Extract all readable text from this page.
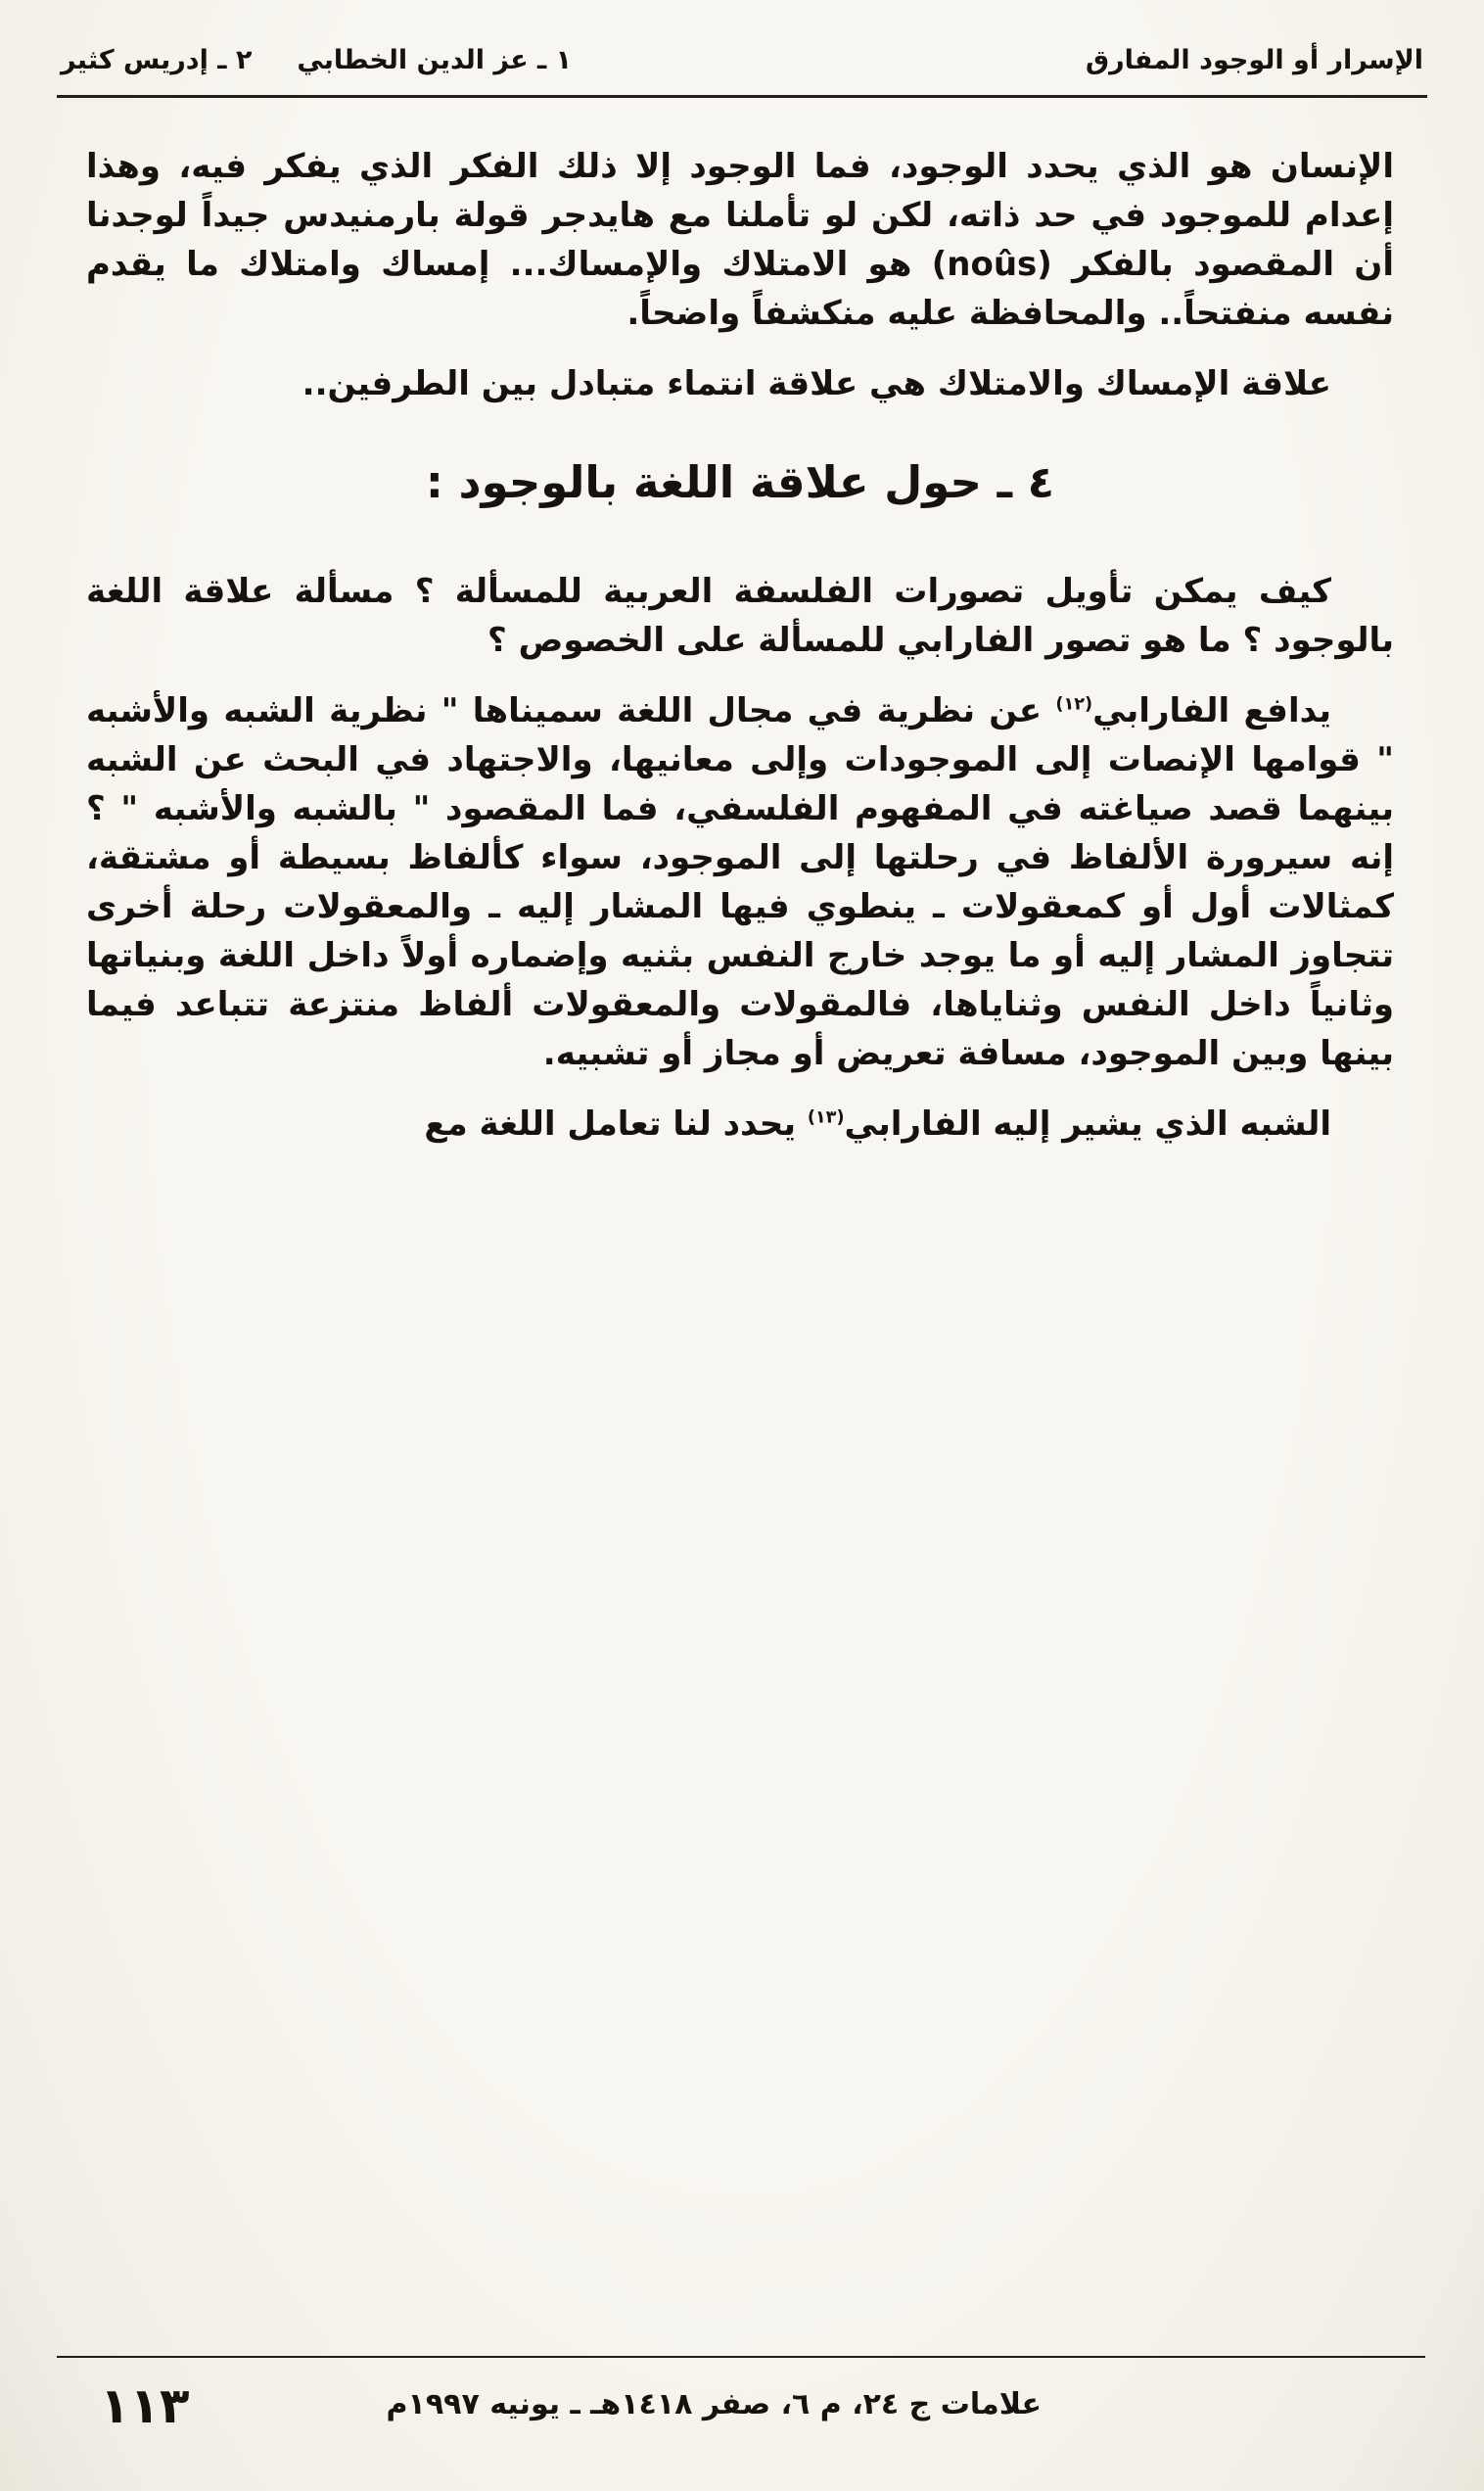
الإسرار أو الوجود المفارق
١ ـ عز الدين الخطابي
٢ ـ إدريس كثير

الإنسان هو الذي يحدد الوجود، فما الوجود إلا ذلك الفكر الذي يفكر فيه، وهذا إعدام للموجود في حد ذاته، لكن لو تأملنا مع هايدجر قولة بارمنيدس جيداً لوجدنا أن المقصود بالفكر (noûs) هو الامتلاك والإمساك... إمساك وامتلاك ما يقدم نفسه منفتحاً.. والمحافظة عليه منكشفاً واضحاً.

علاقة الإمساك والامتلاك هي علاقة انتماء متبادل بين الطرفين..

٤ ـ حول علاقة اللغة بالوجود :

كيف يمكن تأويل تصورات الفلسفة العربية للمسألة ؟ مسألة علاقة اللغة بالوجود ؟ ما هو تصور الفارابي للمسألة على الخصوص ؟

يدافع الفارابي$^{(١٢)}$ عن نظرية في مجال اللغة سميناها " نظرية الشبه والأشبه " قوامها الإنصات إلى الموجودات وإلى معانيها، والاجتهاد في البحث عن الشبه بينهما قصد صياغته في المفهوم الفلسفي، فما المقصود " بالشبه والأشبه " ؟ إنه سيرورة الألفاظ في رحلتها إلى الموجود، سواء كألفاظ بسيطة أو مشتقة، كمثالات أول أو كمعقولات ـ ينطوي فيها المشار إليه ـ والمعقولات رحلة أخرى تتجاوز المشار إليه أو ما يوجد خارج النفس بثنيه وإضماره أولاً داخل اللغة وبنياتها وثانياً داخل النفس وثناياها، فالمقولات والمعقولات ألفاظ منتزعة تتباعد فيما بينها وبين الموجود، مسافة تعريض أو مجاز أو تشبيه.

الشبه الذي يشير إليه الفارابي$^{(١٣)}$ يحدد لنا تعامل اللغة مع

علامات ج ٢٤، م ٦، صفر ١٤١٨هـ ـ يونيه ١٩٩٧م
١١٣
